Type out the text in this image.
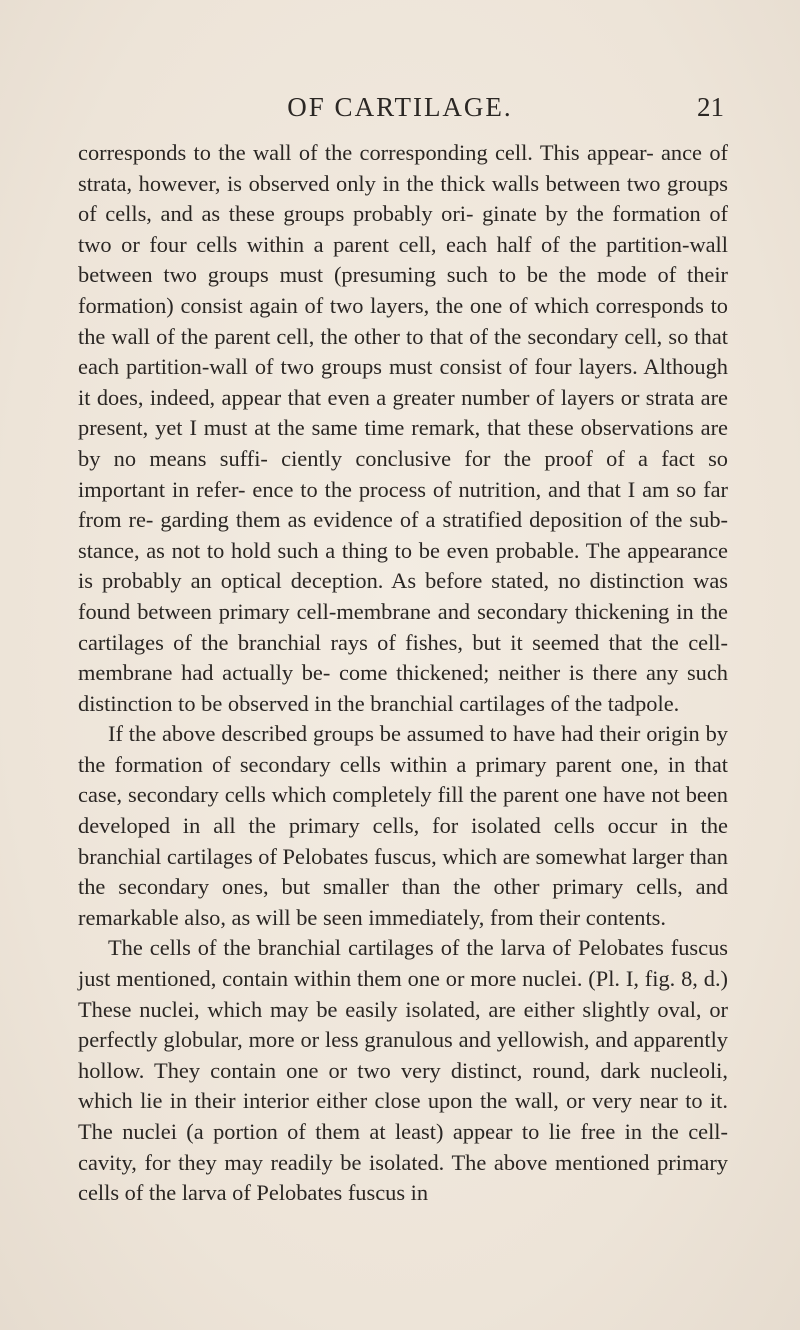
OF CARTILAGE.	21

corresponds to the wall of the corresponding cell. This appear- ance of strata, however, is observed only in the thick walls between two groups of cells, and as these groups probably ori- ginate by the formation of two or four cells within a parent cell, each half of the partition-wall between two groups must (presuming such to be the mode of their formation) consist again of two layers, the one of which corresponds to the wall of the parent cell, the other to that of the secondary cell, so that each partition-wall of two groups must consist of four layers. Although it does, indeed, appear that even a greater number of layers or strata are present, yet I must at the same time remark, that these observations are by no means suffi- ciently conclusive for the proof of a fact so important in refer- ence to the process of nutrition, and that I am so far from re- garding them as evidence of a stratified deposition of the sub- stance, as not to hold such a thing to be even probable. The appearance is probably an optical deception. As before stated, no distinction was found between primary cell-membrane and secondary thickening in the cartilages of the branchial rays of fishes, but it seemed that the cell-membrane had actually be- come thickened; neither is there any such distinction to be observed in the branchial cartilages of the tadpole.

If the above described groups be assumed to have had their origin by the formation of secondary cells within a primary parent one, in that case, secondary cells which completely fill the parent one have not been developed in all the primary cells, for isolated cells occur in the branchial cartilages of Pelobates fuscus, which are somewhat larger than the secondary ones, but smaller than the other primary cells, and remarkable also, as will be seen immediately, from their contents.

The cells of the branchial cartilages of the larva of Pelobates fuscus just mentioned, contain within them one or more nuclei. (Pl. I, fig. 8, d.) These nuclei, which may be easily isolated, are either slightly oval, or perfectly globular, more or less granulous and yellowish, and apparently hollow. They contain one or two very distinct, round, dark nucleoli, which lie in their interior either close upon the wall, or very near to it. The nuclei (a portion of them at least) appear to lie free in the cell-cavity, for they may readily be isolated. The above mentioned primary cells of the larva of Pelobates fuscus in
